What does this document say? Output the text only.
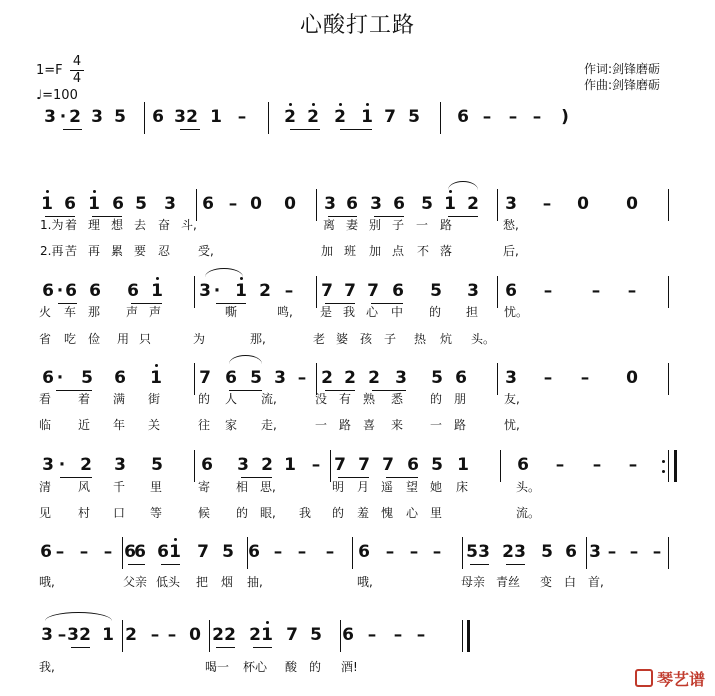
心酸打工路
作词:剑锋磨砺
作曲:剑锋磨砺
1=F
4
4
♩=100
3 · 2 3 5 6 3 2 1 – 2 2 2 1 7 5 6 – – – )
1 6 1 6 5 3 6 – 0 0 3 6 3 6 5 1 2 3 – 0 0
6 · 6 6 6 1 3 · 1 2 – 7 7 7 6 5 3 6 – – –
6 · 5 6 1 7 6 5 3 – 2 2 2 3 5 6 3 – – 0
3 · 2 3 5 6 3 2 1 – 7 7 7 6 5 1	6 – – –
6 – – – 6
6 6 1 7 5 6 – – – 6 – – – 5 3 2 3 5 6 3 – – –
3 – 3 2 1 2 – – 0 2 2 2 1 7 5 6 – – –
1.为 着 理 想 去 奋 斗,	离 妻 别 子 一 路	愁,
2.再 苦 再 累 要 忍 受,	加 班 加 点 不 落	后,
火 车 那 声 声	嘶	鸣, 是 我 心 中 的 担 忧。
省 吃 俭 用 只	为	那,	老 婆 孩 子 热 炕 头。
看 着 满 街	的 人 流,	没 有 熟 悉 的 朋	友,
临 近 年 关	往 家 走,	一 路 喜 来 一 路	忧,
清 风 千 里	寄 相 思,	明 月 遥 望 她 床	头。
见 村 口 等	候 的 眼, 我 的 羞 愧 心 里	流。
哦,	父亲 低头 把 烟 抽,	哦,	母亲 青丝 变 白 首,
我,	喝一 杯心 酸 的 酒!
琴艺谱
